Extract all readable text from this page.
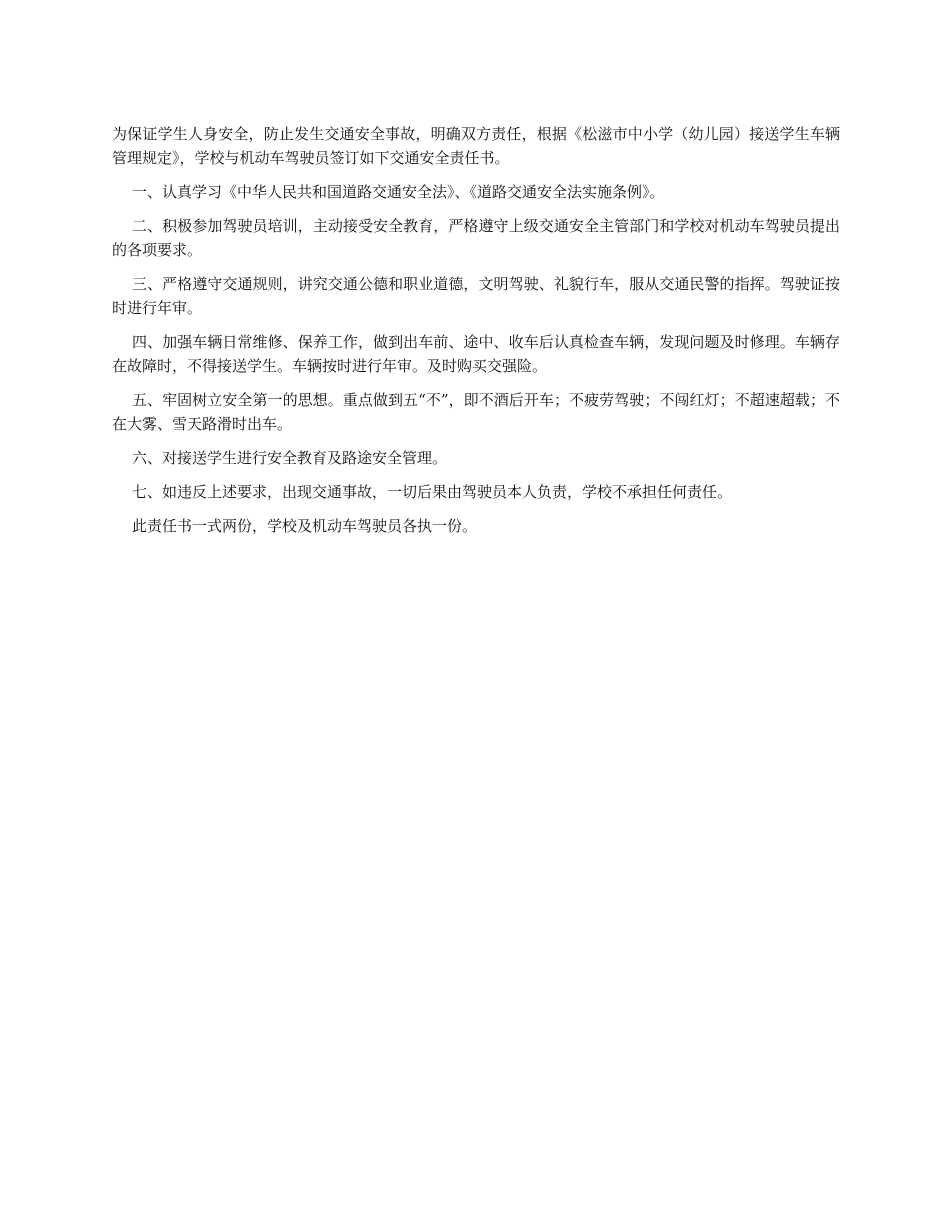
为保证学生人身安全，防止发生交通安全事故，明确双方责任，根据《松滋市中小学（幼儿园）接送学生车辆管理规定》，学校与机动车驾驶员签订如下交通安全责任书。

一、认真学习《中华人民共和国道路交通安全法》、《道路交通安全法实施条例》。

二、积极参加驾驶员培训，主动接受安全教育，严格遵守上级交通安全主管部门和学校对机动车驾驶员提出的各项要求。

三、严格遵守交通规则，讲究交通公德和职业道德，文明驾驶、礼貌行车，服从交通民警的指挥。驾驶证按时进行年审。

四、加强车辆日常维修、保养工作，做到出车前、途中、收车后认真检查车辆，发现问题及时修理。车辆存在故障时，不得接送学生。车辆按时进行年审。及时购买交强险。

五、牢固树立安全第一的思想。重点做到五“不”，即不酒后开车；不疲劳驾驶；不闯红灯；不超速超载；不在大雾、雪天路滑时出车。

六、对接送学生进行安全教育及路途安全管理。

七、如违反上述要求，出现交通事故，一切后果由驾驶员本人负责，学校不承担任何责任。

此责任书一式两份，学校及机动车驾驶员各执一份。
